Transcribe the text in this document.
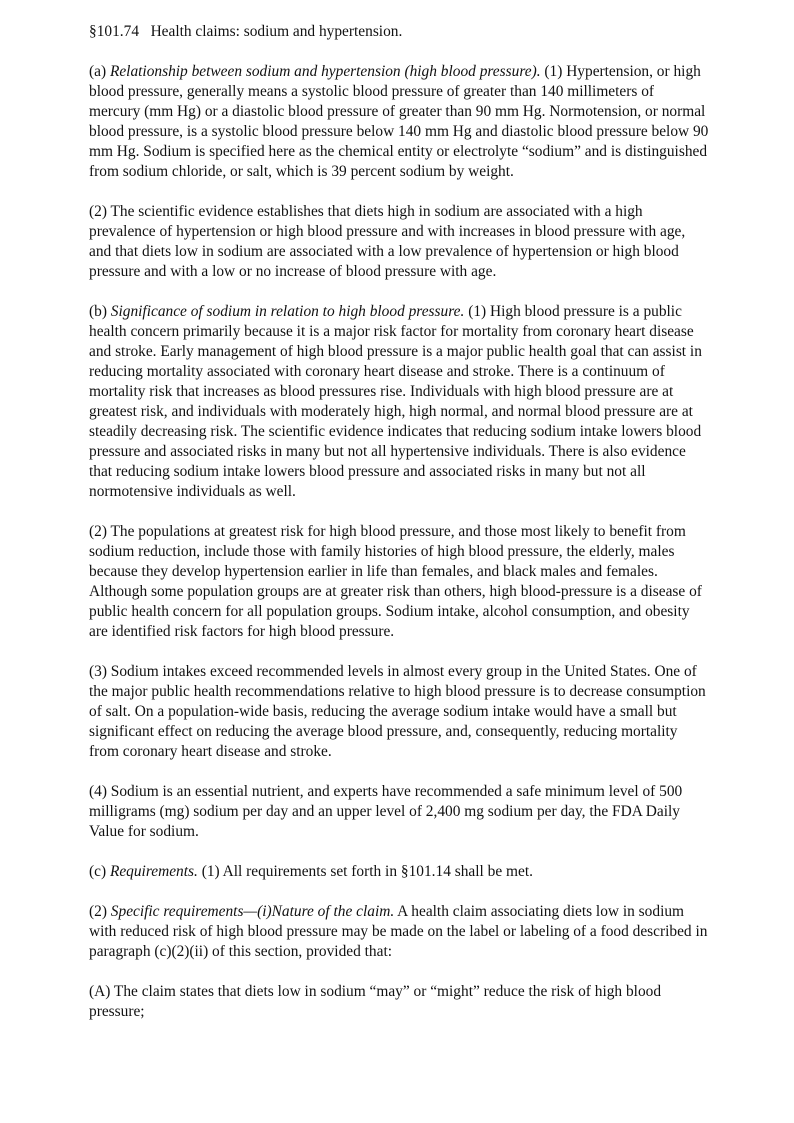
§101.74   Health claims: sodium and hypertension.

(a) Relationship between sodium and hypertension (high blood pressure). (1) Hypertension, or high blood pressure, generally means a systolic blood pressure of greater than 140 millimeters of mercury (mm Hg) or a diastolic blood pressure of greater than 90 mm Hg. Normotension, or normal blood pressure, is a systolic blood pressure below 140 mm Hg and diastolic blood pressure below 90 mm Hg. Sodium is specified here as the chemical entity or electrolyte “sodium” and is distinguished from sodium chloride, or salt, which is 39 percent sodium by weight.

(2) The scientific evidence establishes that diets high in sodium are associated with a high prevalence of hypertension or high blood pressure and with increases in blood pressure with age, and that diets low in sodium are associated with a low prevalence of hypertension or high blood pressure and with a low or no increase of blood pressure with age.

(b) Significance of sodium in relation to high blood pressure. (1) High blood pressure is a public health concern primarily because it is a major risk factor for mortality from coronary heart disease and stroke. Early management of high blood pressure is a major public health goal that can assist in reducing mortality associated with coronary heart disease and stroke. There is a continuum of mortality risk that increases as blood pressures rise. Individuals with high blood pressure are at greatest risk, and individuals with moderately high, high normal, and normal blood pressure are at steadily decreasing risk. The scientific evidence indicates that reducing sodium intake lowers blood pressure and associated risks in many but not all hypertensive individuals. There is also evidence that reducing sodium intake lowers blood pressure and associated risks in many but not all normotensive individuals as well.

(2) The populations at greatest risk for high blood pressure, and those most likely to benefit from sodium reduction, include those with family histories of high blood pressure, the elderly, males because they develop hypertension earlier in life than females, and black males and females. Although some population groups are at greater risk than others, high blood-pressure is a disease of public health concern for all population groups. Sodium intake, alcohol consumption, and obesity are identified risk factors for high blood pressure.

(3) Sodium intakes exceed recommended levels in almost every group in the United States. One of the major public health recommendations relative to high blood pressure is to decrease consumption of salt. On a population-wide basis, reducing the average sodium intake would have a small but significant effect on reducing the average blood pressure, and, consequently, reducing mortality from coronary heart disease and stroke.

(4) Sodium is an essential nutrient, and experts have recommended a safe minimum level of 500 milligrams (mg) sodium per day and an upper level of 2,400 mg sodium per day, the FDA Daily Value for sodium.

(c) Requirements. (1) All requirements set forth in §101.14 shall be met.

(2) Specific requirements—(i)Nature of the claim. A health claim associating diets low in sodium with reduced risk of high blood pressure may be made on the label or labeling of a food described in paragraph (c)(2)(ii) of this section, provided that:

(A) The claim states that diets low in sodium “may” or “might” reduce the risk of high blood pressure;
